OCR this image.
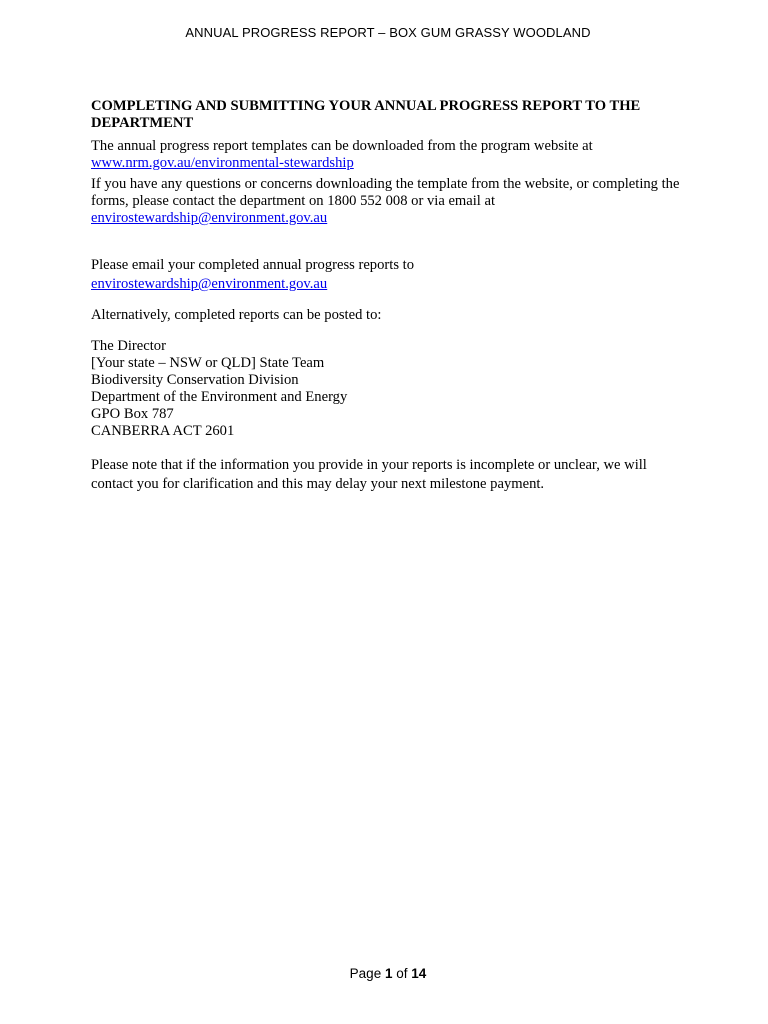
ANNUAL PROGRESS REPORT – BOX GUM GRASSY WOODLAND
COMPLETING AND SUBMITTING YOUR ANNUAL PROGRESS REPORT TO THE DEPARTMENT

The annual progress report templates can be downloaded from the program website at
www.nrm.gov.au/environmental-stewardship

If you have any questions or concerns downloading the template from the website, or completing the forms, please contact the department on 1800 552 008 or via email at
envirostewardship@environment.gov.au

Please email your completed annual progress reports to
envirostewardship@environment.gov.au

Alternatively, completed reports can be posted to:

The Director
[Your state – NSW or QLD] State Team
Biodiversity Conservation Division
Department of the Environment and Energy
GPO Box 787
CANBERRA ACT 2601

Please note that if the information you provide in your reports is incomplete or unclear, we will contact you for clarification and this may delay your next milestone payment.

Page 1 of 14
